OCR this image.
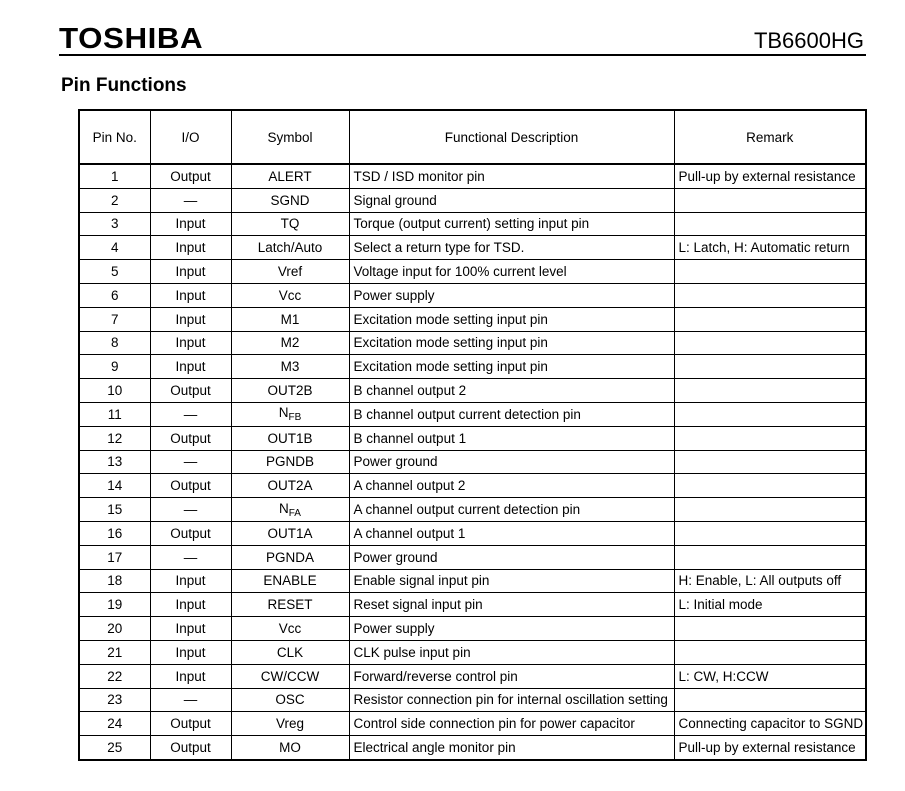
TOSHIBA	TB6600HG
Pin Functions
Pin No.	I/O	Symbol	Functional Description	Remark
1	Output	ALERT	TSD / ISD monitor pin	Pull-up by external resistance
2	—	SGND	Signal ground	
3	Input	TQ	Torque (output current) setting input pin	
4	Input	Latch/Auto	Select a return type for TSD.	L: Latch, H: Automatic return
5	Input	Vref	Voltage input for 100% current level	
6	Input	Vcc	Power supply	
7	Input	M1	Excitation mode setting input pin	
8	Input	M2	Excitation mode setting input pin	
9	Input	M3	Excitation mode setting input pin	
10	Output	OUT2B	B channel output 2	
11	—	$N_{FB}$	B channel output current detection pin	
12	Output	OUT1B	B channel output 1	
13	—	PGNDB	Power ground	
14	Output	OUT2A	A channel output 2	
15	—	$N_{FA}$	A channel output current detection pin	
16	Output	OUT1A	A channel output 1	
17	—	PGNDA	Power ground	
18	Input	ENABLE	Enable signal input pin	H: Enable, L: All outputs off
19	Input	RESET	Reset signal input pin	L: Initial mode
20	Input	Vcc	Power supply	
21	Input	CLK	CLK pulse input pin	
22	Input	CW/CCW	Forward/reverse control pin	L: CW, H:CCW
23	—	OSC	Resistor connection pin for internal oscillation setting	
24	Output	Vreg	Control side connection pin for power capacitor	Connecting capacitor to SGND
25	Output	MO	Electrical angle monitor pin	Pull-up by external resistance
